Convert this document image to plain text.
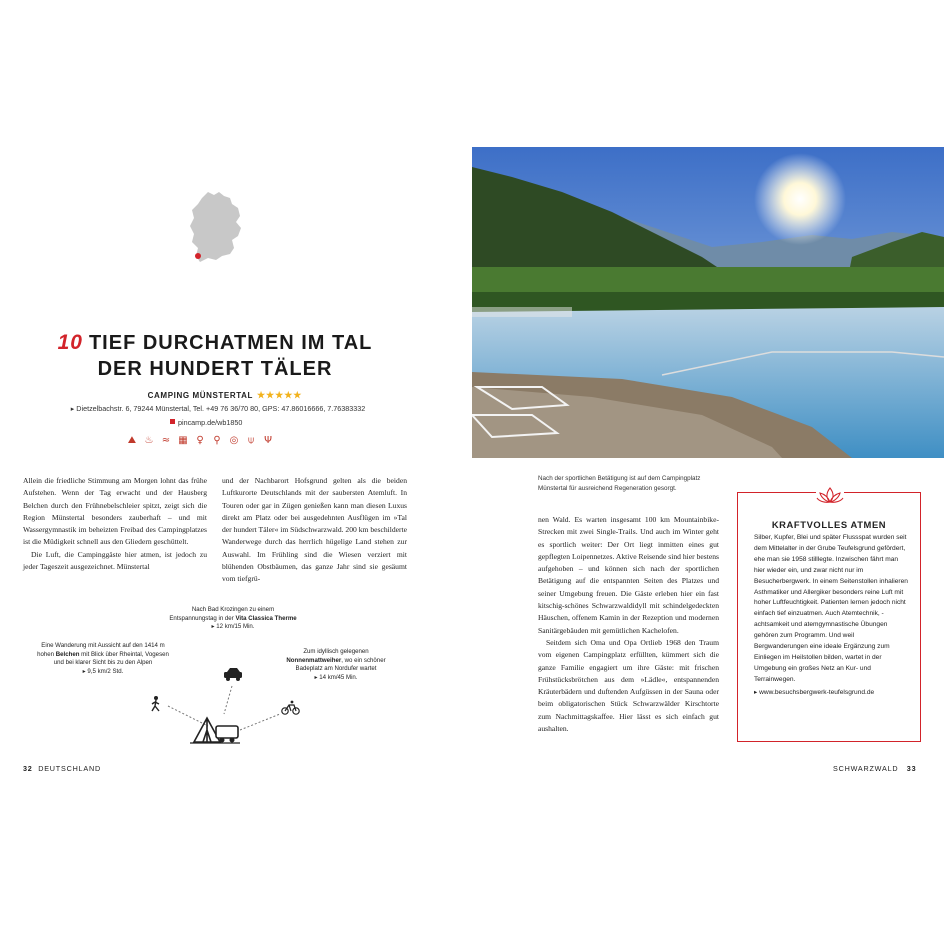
10 TIEF DURCHATMEN IM TAL
DER HUNDERT TÄLER
CAMPING MÜNSTERTAL ★★★★★
▸ Dietzelbachstr. 6, 79244 Münstertal, Tel. +49 76 36/70 80, GPS: 47.86016666, 7.76383332
pincamp.de/wb1850
⛰ ♨ ≈ ▦ ♀ ⚲ ◎ ⍦	Ψ

Allein die friedliche Stimmung am Morgen lohnt das frühe Aufstehen. Wenn der Tag erwacht und der Hausberg Belchen durch den Frühnebelschleier spitzt, zeigt sich die Region Münstertal besonders zauberhaft – und mit Wassergymnastik im beheizten Freibad des Campingplatzes ist die Müdigkeit schnell aus den Gliedern geschüttelt.

Die Luft, die Campinggäste hier atmen, ist jedoch zu jeder Tageszeit ausgezeichnet. Münstertal

und der Nachbarort Hofsgrund gelten als die beiden Luftkurorte Deutschlands mit der saubersten Atemluft. In Touren oder gar in Zügen genießen kann man diesen Luxus direkt am Platz oder bei ausgedehnten Ausflügen im »Tal der hundert Täler« im Südschwarzwald. 200 km beschilderte Wanderwege durch das herrlich hügelige Land stehen zur Auswahl. Im Frühling sind die Wiesen verziert mit blühenden Obstbäumen, das ganze Jahr sind sie gesäumt vom tiefgrü-

Nach Bad Krozingen zu einem
Entspannungstag in der Vita Classica Therme
▸ 12 km/15 Min.
Eine Wanderung mit Aussicht auf den 1414 m
hohen Belchen mit Blick über Rheintal, Vogesen
und bei klarer Sicht bis zu den Alpen
▸ 9,5 km/2 Std.
Zum idyllisch gelegenen
Nonnenmattweiher, wo ein schöner
Badeplatz am Nordufer wartet
▸ 14 km/45 Min.
32 DEUTSCHLAND
Nach der sportlichen Betätigung ist auf dem Campingplatz Münstertal für ausreichend Regeneration gesorgt.

nen Wald. Es warten insgesamt 100 km Mountainbike-Strecken mit zwei Single-Trails. Und auch im Winter geht es sportlich weiter: Der Ort liegt inmitten eines gut gepflegten Loipennetzes. Aktive Reisende sind hier bestens aufgehoben – und können sich nach der sportlichen Betätigung auf die entspannten Seiten des Platzes und seiner Umgebung freuen. Die Gäste erleben hier ein fast kitschig-schönes Schwarzwaldidyll mit schindelgedeckten Häuschen, offenem Kamin in der Rezeption und modernen Sanitärgebäuden mit gemütlichen Kachelofen.

Seitdem sich Oma und Opa Ortlieb 1968 den Traum vom eigenen Campingplatz erfüllten, kümmert sich die ganze Familie engagiert um ihre Gäste: mit frischen Frühstücksbrötchen aus dem »Lädle«, entspannenden Kräuterbädern und duftenden Aufgüssen in der Sauna oder beim obligatorischen Stück Schwarzwälder Kirschtorte zum Nachmittagskaffee. Hier lässt es sich einfach gut aushalten.

KRAFTVOLLES ATMEN
Silber, Kupfer, Blei und später Flussspat wurden seit dem Mittelalter in der Grube Teufelsgrund gefördert, ehe man sie 1958 stilllegte. Inzwischen fährt man hier wieder ein, und zwar nicht nur im Besucherbergwerk. In einem Seitenstollen inhalieren Asthmatiker und Allergiker besonders reine Luft mit hoher Luftfeuchtigkeit. Patienten lernen jedoch nicht einfach tief einzuatmen. Auch Atemtechnik, -achtsamkeit und atemgymnastische Übungen gehören zum Programm. Und weil Bergwanderungen eine ideale Ergänzung zum Einliegen im Heilstollen bilden, wartet in der Umgebung ein großes Netz an Kur- und Terrainwegen.
▸ www.besuchsbergwerk-teufelsgrund.de
SCHWARZWALD 33
